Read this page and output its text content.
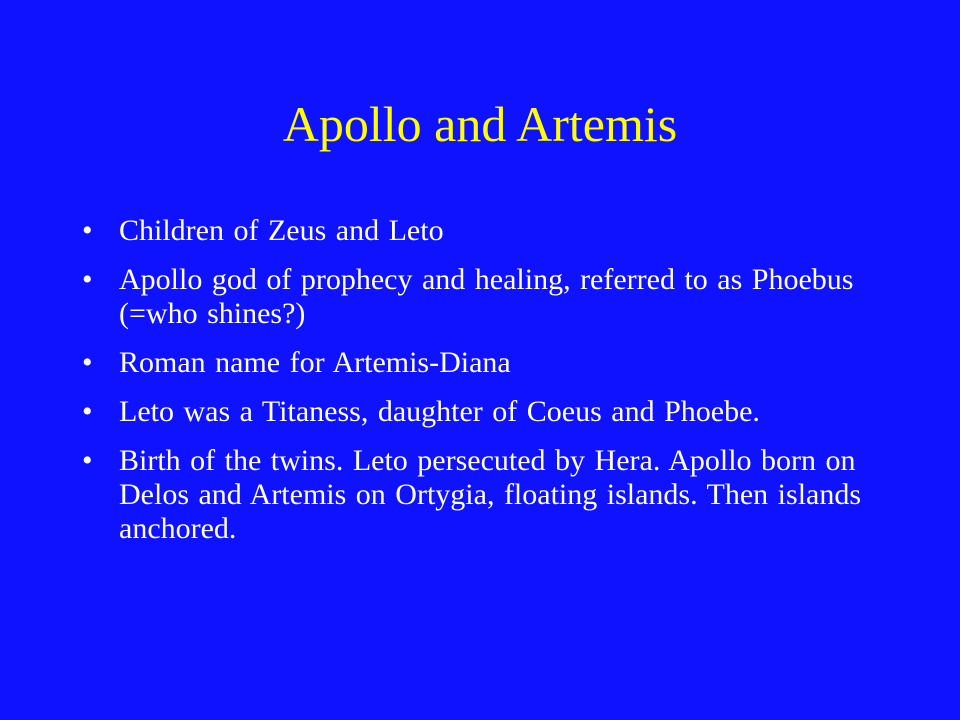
Apollo and Artemis
• Children of Zeus and Leto
• Apollo god of prophecy and healing, referred to as Phoebus (=who shines?)
• Roman name for Artemis-Diana
• Leto was a Titaness, daughter of Coeus and Phoebe.
• Birth of the twins. Leto persecuted by Hera. Apollo born on Delos and Artemis on Ortygia, floating islands. Then islands anchored.
